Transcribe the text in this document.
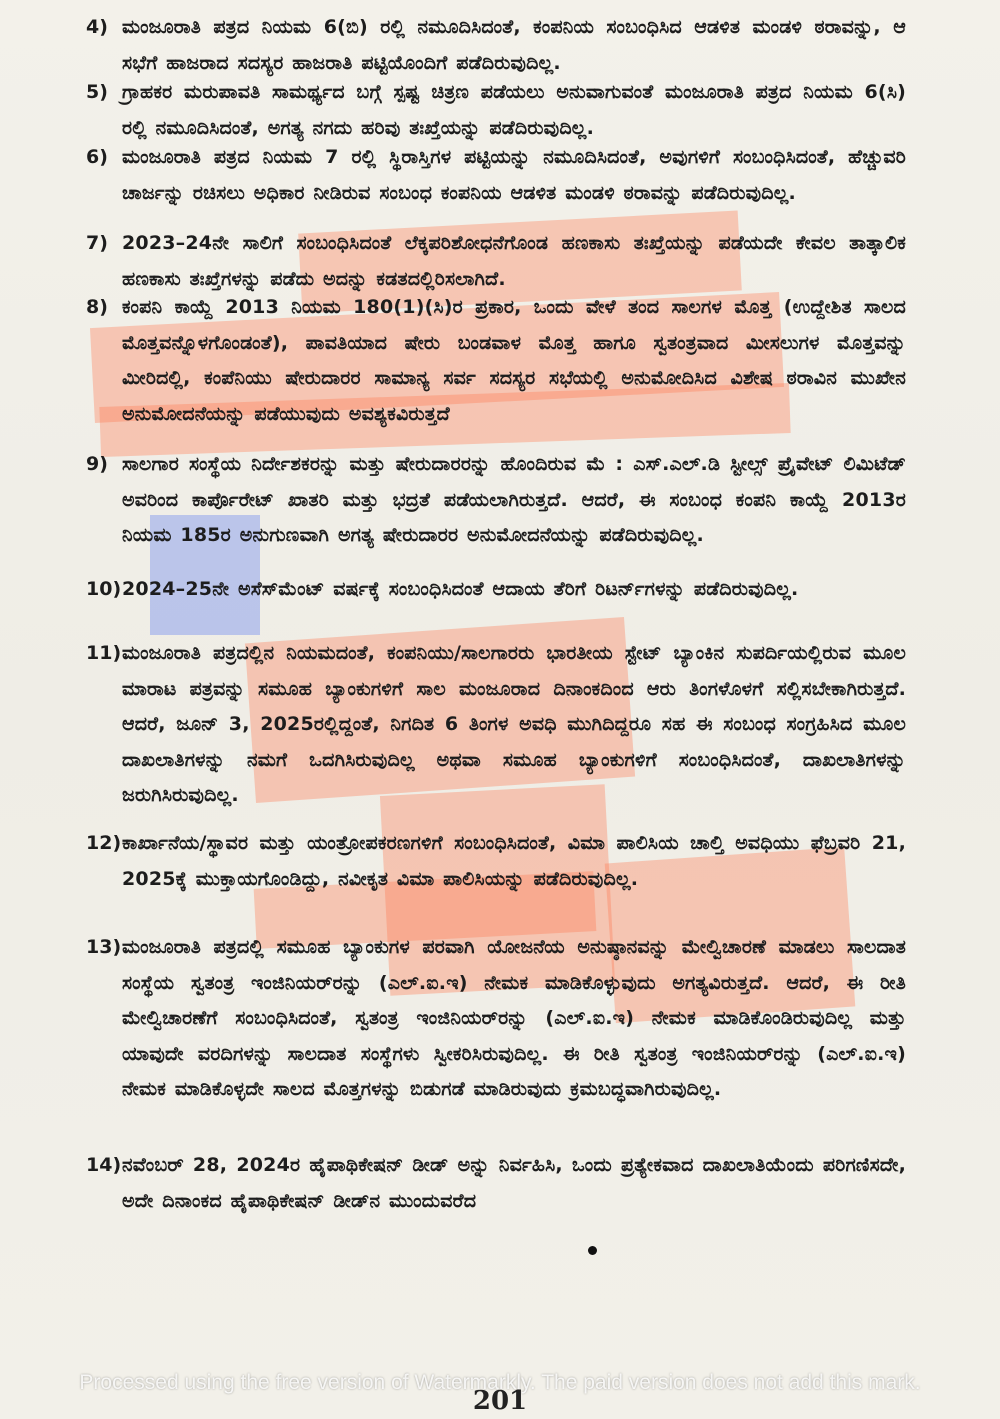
4) ಮಂಜೂರಾತಿ ಪತ್ರದ ನಿಯಮ 6(ಬಿ) ರಲ್ಲಿ ನಮೂದಿಸಿದಂತೆ, ಕಂಪನಿಯ ಸಂಬಂಧಿಸಿದ ಆಡಳಿತ ಮಂಡಳಿ ಠರಾವನ್ನು, ಆ ಸಭೆಗೆ ಹಾಜರಾದ ಸದಸ್ಯರ ಹಾಜರಾತಿ ಪಟ್ಟಿಯೊಂದಿಗೆ ಪಡೆದಿರುವುದಿಲ್ಲ.
5) ಗ್ರಾಹಕರ ಮರುಪಾವತಿ ಸಾಮರ್ಥ್ಯದ ಬಗ್ಗೆ ಸ್ಪಷ್ಟ ಚಿತ್ರಣ ಪಡೆಯಲು ಅನುವಾಗುವಂತೆ ಮಂಜೂರಾತಿ ಪತ್ರದ ನಿಯಮ 6(ಸಿ) ರಲ್ಲಿ ನಮೂದಿಸಿದಂತೆ, ಅಗತ್ಯ ನಗದು ಹರಿವು ತಃಖ್ತೆಯನ್ನು ಪಡೆದಿರುವುದಿಲ್ಲ.
6) ಮಂಜೂರಾತಿ ಪತ್ರದ ನಿಯಮ 7 ರಲ್ಲಿ ಸ್ಥಿರಾಸ್ತಿಗಳ ಪಟ್ಟಿಯನ್ನು ನಮೂದಿಸಿದಂತೆ, ಅವುಗಳಿಗೆ ಸಂಬಂಧಿಸಿದಂತೆ, ಹೆಚ್ಚುವರಿ ಚಾರ್ಜನ್ನು ರಚಿಸಲು ಅಧಿಕಾರ ನೀಡಿರುವ ಸಂಬಂಧ ಕಂಪನಿಯ ಆಡಳಿತ ಮಂಡಳಿ ಠರಾವನ್ನು ಪಡೆದಿರುವುದಿಲ್ಲ.
7) 2023–24ನೇ ಸಾಲಿಗೆ ಸಂಬಂಧಿಸಿದಂತೆ ಲೆಕ್ಕಪರಿಶೋಧನೆಗೊಂಡ ಹಣಕಾಸು ತಃಖ್ತೆಯನ್ನು ಪಡೆಯದೇ ಕೇವಲ ತಾತ್ಕಾಲಿಕ ಹಣಕಾಸು ತಃಖ್ತೆಗಳನ್ನು ಪಡೆದು ಅದನ್ನು ಕಡತದಲ್ಲಿರಿಸಲಾಗಿದೆ.
8) ಕಂಪನಿ ಕಾಯ್ದೆ 2013 ನಿಯಮ 180(1)(ಸಿ)ರ ಪ್ರಕಾರ, ಒಂದು ವೇಳೆ ತಂದ ಸಾಲಗಳ ಮೊತ್ತ (ಉದ್ದೇಶಿತ ಸಾಲದ ಮೊತ್ತವನ್ನೊಳಗೊಂಡಂತೆ), ಪಾವತಿಯಾದ ಷೇರು ಬಂಡವಾಳ ಮೊತ್ತ ಹಾಗೂ ಸ್ವತಂತ್ರವಾದ ಮೀಸಲುಗಳ ಮೊತ್ತವನ್ನು ಮೀರಿದಲ್ಲಿ, ಕಂಪೆನಿಯು ಷೇರುದಾರರ ಸಾಮಾನ್ಯ ಸರ್ವ ಸದಸ್ಯರ ಸಭೆಯಲ್ಲಿ ಅನುಮೋದಿಸಿದ ವಿಶೇಷ ಠರಾವಿನ ಮುಖೇನ ಅನುಮೋದನೆಯನ್ನು ಪಡೆಯುವುದು ಅವಶ್ಯಕವಿರುತ್ತದೆ
9) ಸಾಲಗಾರ ಸಂಸ್ಥೆಯ ನಿರ್ದೇಶಕರನ್ನು ಮತ್ತು ಷೇರುದಾರರನ್ನು ಹೊಂದಿರುವ ಮೆ : ಎಸ್.ಎಲ್.ಡಿ ಸ್ಟೀಲ್ಸ್ ಪ್ರೈವೇಟ್ ಲಿಮಿಟೆಡ್ ಅವರಿಂದ ಕಾರ್ಪೊರೇಟ್ ಖಾತರಿ ಮತ್ತು ಭದ್ರತೆ ಪಡೆಯಲಾಗಿರುತ್ತದೆ. ಆದರೆ, ಈ ಸಂಬಂಧ ಕಂಪನಿ ಕಾಯ್ದೆ 2013ರ ನಿಯಮ 185ರ ಅನುಗುಣವಾಗಿ ಅಗತ್ಯ ಷೇರುದಾರರ ಅನುಮೋದನೆಯನ್ನು ಪಡೆದಿರುವುದಿಲ್ಲ.
10) 2024–25ನೇ ಅಸೆಸ್‌ಮೆಂಟ್ ವರ್ಷಕ್ಕೆ ಸಂಬಂಧಿಸಿದಂತೆ ಆದಾಯ ತೆರಿಗೆ ರಿಟರ್ನ್‌ಗಳನ್ನು ಪಡೆದಿರುವುದಿಲ್ಲ.
11) ಮಂಜೂರಾತಿ ಪತ್ರದಲ್ಲಿನ ನಿಯಮದಂತೆ, ಕಂಪನಿಯು/ಸಾಲಗಾರರು ಭಾರತೀಯ ಸ್ಟೇಟ್ ಬ್ಯಾಂಕಿನ ಸುಪರ್ದಿಯಲ್ಲಿರುವ ಮೂಲ ಮಾರಾಟ ಪತ್ರವನ್ನು ಸಮೂಹ ಬ್ಯಾಂಕುಗಳಿಗೆ ಸಾಲ ಮಂಜೂರಾದ ದಿನಾಂಕದಿಂದ ಆರು ತಿಂಗಳೊಳಗೆ ಸಲ್ಲಿಸಬೇಕಾಗಿರುತ್ತದೆ. ಆದರೆ, ಜೂನ್ 3, 2025ರಲ್ಲಿದ್ದಂತೆ, ನಿಗದಿತ 6 ತಿಂಗಳ ಅವಧಿ ಮುಗಿದಿದ್ದರೂ ಸಹ ಈ ಸಂಬಂಧ ಸಂಗ್ರಹಿಸಿದ ಮೂಲ ದಾಖಲಾತಿಗಳನ್ನು ನಮಗೆ ಒದಗಿಸಿರುವುದಿಲ್ಲ ಅಥವಾ ಸಮೂಹ ಬ್ಯಾಂಕುಗಳಿಗೆ ಸಂಬಂಧಿಸಿದಂತೆ, ದಾಖಲಾತಿಗಳನ್ನು ಜರುಗಿಸಿರುವುದಿಲ್ಲ.
12) ಕಾರ್ಖಾನೆಯ/ಸ್ಥಾವರ ಮತ್ತು ಯಂತ್ರೋಪಕರಣಗಳಿಗೆ ಸಂಬಂಧಿಸಿದಂತೆ, ವಿಮಾ ಪಾಲಿಸಿಯ ಚಾಲ್ತಿ ಅವಧಿಯು ಫೆಬ್ರವರಿ 21, 2025ಕ್ಕೆ ಮುಕ್ತಾಯಗೊಂಡಿದ್ದು, ನವೀಕೃತ ವಿಮಾ ಪಾಲಿಸಿಯನ್ನು ಪಡೆದಿರುವುದಿಲ್ಲ.
13) ಮಂಜೂರಾತಿ ಪತ್ರದಲ್ಲಿ ಸಮೂಹ ಬ್ಯಾಂಕುಗಳ ಪರವಾಗಿ ಯೋಜನೆಯ ಅನುಷ್ಠಾನವನ್ನು ಮೇಲ್ವಿಚಾರಣೆ ಮಾಡಲು ಸಾಲದಾತ ಸಂಸ್ಥೆಯ ಸ್ವತಂತ್ರ ಇಂಜಿನಿಯರ್‌ರನ್ನು (ಎಲ್.ಐ.ಇ) ನೇಮಕ ಮಾಡಿಕೊಳ್ಳುವುದು ಅಗತ್ಯವಿರುತ್ತದೆ. ಆದರೆ, ಈ ರೀತಿ ಮೇಲ್ವಿಚಾರಣೆಗೆ ಸಂಬಂಧಿಸಿದಂತೆ, ಸ್ವತಂತ್ರ ಇಂಜಿನಿಯರ್‌ರನ್ನು (ಎಲ್.ಐ.ಇ) ನೇಮಕ ಮಾಡಿಕೊಂಡಿರುವುದಿಲ್ಲ ಮತ್ತು ಯಾವುದೇ ವರದಿಗಳನ್ನು ಸಾಲದಾತ ಸಂಸ್ಥೆಗಳು ಸ್ವೀಕರಿಸಿರುವುದಿಲ್ಲ. ಈ ರೀತಿ ಸ್ವತಂತ್ರ ಇಂಜಿನಿಯರ್‌ರನ್ನು (ಎಲ್.ಐ.ಇ) ನೇಮಕ ಮಾಡಿಕೊಳ್ಳದೇ ಸಾಲದ ಮೊತ್ತಗಳನ್ನು ಬಿಡುಗಡೆ ಮಾಡಿರುವುದು ಕ್ರಮಬದ್ಧವಾಗಿರುವುದಿಲ್ಲ.
14) ನವೆಂಬರ್ 28, 2024ರ ಹೈಪಾಥಿಕೇಷನ್ ಡೀಡ್ ಅನ್ನು ನಿರ್ವಹಿಸಿ, ಒಂದು ಪ್ರತ್ಯೇಕವಾದ ದಾಖಲಾತಿಯೆಂದು ಪರಿಗಣಿಸದೇ, ಅದೇ ದಿನಾಂಕದ ಹೈಪಾಥಿಕೇಷನ್ ಡೀಡ್‌ನ ಮುಂದುವರೆದ
Processed using the free version of Watermarkly. The paid version does not add this mark.
201
